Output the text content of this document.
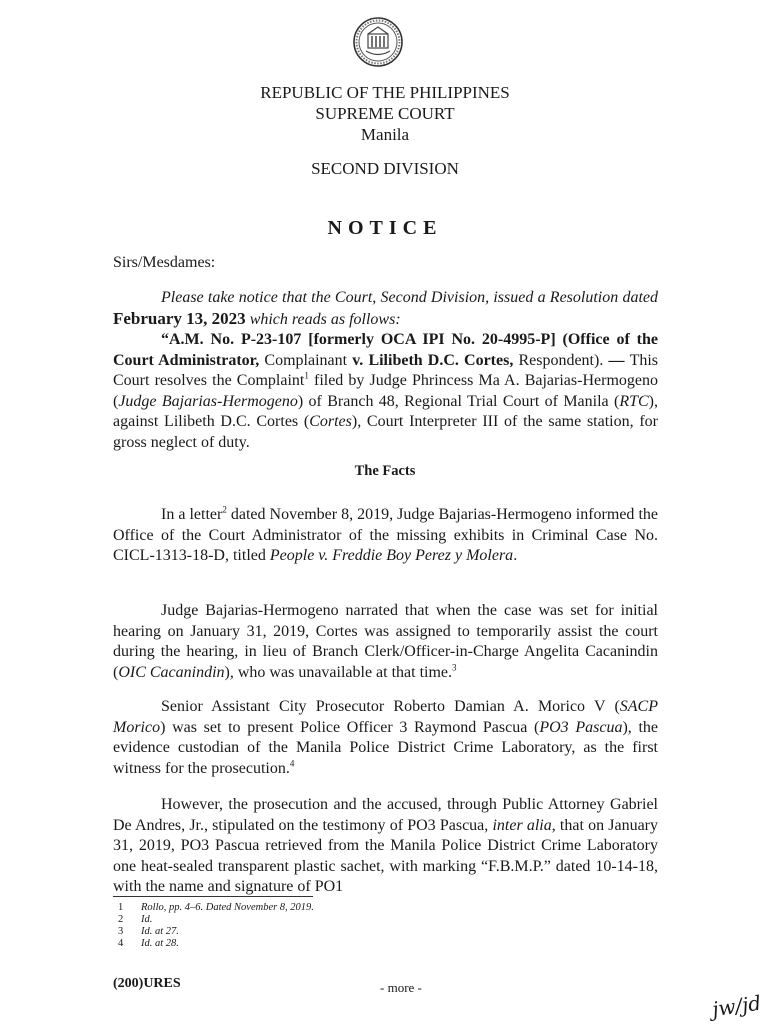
REPUBLIC OF THE PHILIPPINES
SUPREME COURT
Manila
SECOND DIVISION
NOTICE
Sirs/Mesdames:
Please take notice that the Court, Second Division, issued a Resolution dated February 13, 2023 which reads as follows:
“A.M. No. P-23-107 [formerly OCA IPI No. 20-4995-P] (Office of the Court Administrator, Complainant v. Lilibeth D.C. Cortes, Respondent). — This Court resolves the Complaint$^1$ filed by Judge Phrincess Ma A. Bajarias-Hermogeno (Judge Bajarias-Hermogeno) of Branch 48, Regional Trial Court of Manila (RTC), against Lilibeth D.C. Cortes (Cortes), Court Interpreter III of the same station, for gross neglect of duty.
The Facts
In a letter$^2$ dated November 8, 2019, Judge Bajarias-Hermogeno informed the Office of the Court Administrator of the missing exhibits in Criminal Case No. CICL-1313-18-D, titled People v. Freddie Boy Perez y Molera.
Judge Bajarias-Hermogeno narrated that when the case was set for initial hearing on January 31, 2019, Cortes was assigned to temporarily assist the court during the hearing, in lieu of Branch Clerk/Officer-in-Charge Angelita Cacanindin (OIC Cacanindin), who was unavailable at that time.$^3$
Senior Assistant City Prosecutor Roberto Damian A. Morico V (SACP Morico) was set to present Police Officer 3 Raymond Pascua (PO3 Pascua), the evidence custodian of the Manila Police District Crime Laboratory, as the first witness for the prosecution.$^4$
However, the prosecution and the accused, through Public Attorney Gabriel De Andres, Jr., stipulated on the testimony of PO3 Pascua, inter alia, that on January 31, 2019, PO3 Pascua retrieved from the Manila Police District Crime Laboratory one heat-sealed transparent plastic sachet, with marking “F.B.M.P.” dated 10-14-18, with the name and signature of PO1
1 Rollo, pp. 4–6. Dated November 8, 2019.
2 Id.
3 Id. at 27.
4 Id. at 28.
(200)URES	- more -
jw/jd
